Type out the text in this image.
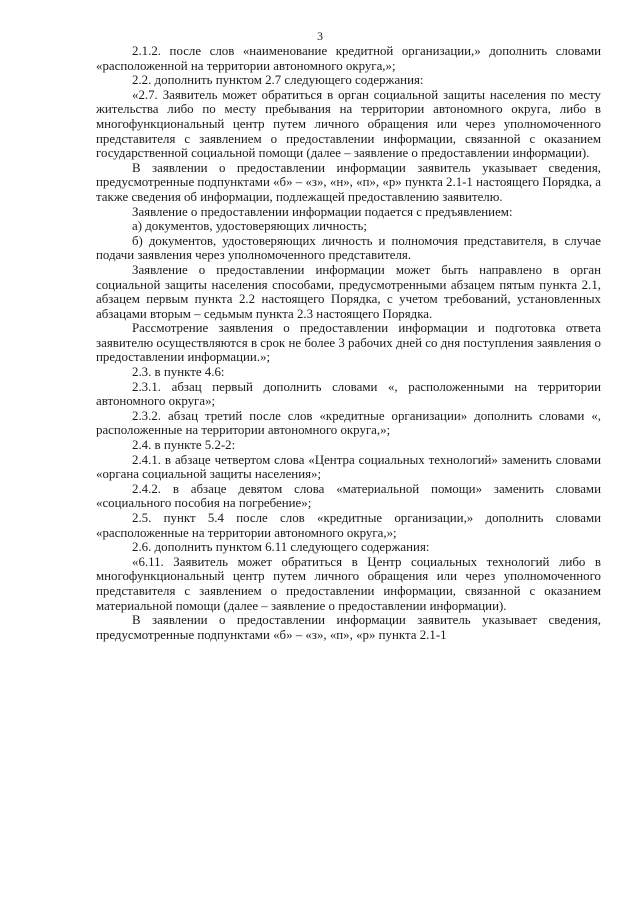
3

2.1.2. после слов «наименование кредитной организации,» дополнить словами «расположенной на территории автономного округа,»;

2.2. дополнить пунктом 2.7 следующего содержания:

«2.7. Заявитель может обратиться в орган социальной защиты населения по месту жительства либо по месту пребывания на территории автономного округа, либо в многофункциональный центр путем личного обращения или через уполномоченного представителя с заявлением о предоставлении информации, связанной с оказанием государственной социальной помощи (далее – заявление о предоставлении информации).

В заявлении о предоставлении информации заявитель указывает сведения, предусмотренные подпунктами «б» – «з», «н», «п», «р» пункта 2.1-1 настоящего Порядка, а также сведения об информации, подлежащей предоставлению заявителю.

Заявление о предоставлении информации подается с предъявлением:

а) документов, удостоверяющих личность;

б) документов, удостоверяющих личность и полномочия представителя, в случае подачи заявления через уполномоченного представителя.

Заявление о предоставлении информации может быть направлено в орган социальной защиты населения способами, предусмотренными абзацем пятым пункта 2.1, абзацем первым пункта 2.2 настоящего Порядка, с учетом требований, установленных абзацами вторым – седьмым пункта 2.3 настоящего Порядка.

Рассмотрение заявления о предоставлении информации и подготовка ответа заявителю осуществляются в срок не более 3 рабочих дней со дня поступления заявления о предоставлении информации.»;

2.3. в пункте 4.6:

2.3.1. абзац первый дополнить словами «, расположенными на территории автономного округа»;

2.3.2. абзац третий после слов «кредитные организации» дополнить словами «, расположенные на территории автономного округа,»;

2.4. в пункте 5.2-2:

2.4.1. в абзаце четвертом слова «Центра социальных технологий» заменить словами «органа социальной защиты населения»;

2.4.2. в абзаце девятом слова «материальной помощи» заменить словами «социального пособия на погребение»;

2.5. пункт 5.4 после слов «кредитные организации,» дополнить словами «расположенные на территории автономного округа,»;

2.6. дополнить пунктом 6.11 следующего содержания:

«6.11. Заявитель может обратиться в Центр социальных технологий либо в многофункциональный центр путем личного обращения или через уполномоченного представителя с заявлением о предоставлении информации, связанной с оказанием материальной помощи (далее – заявление о предоставлении информации).

В заявлении о предоставлении информации заявитель указывает сведения, предусмотренные подпунктами «б» – «з», «п», «р» пункта 2.1-1
